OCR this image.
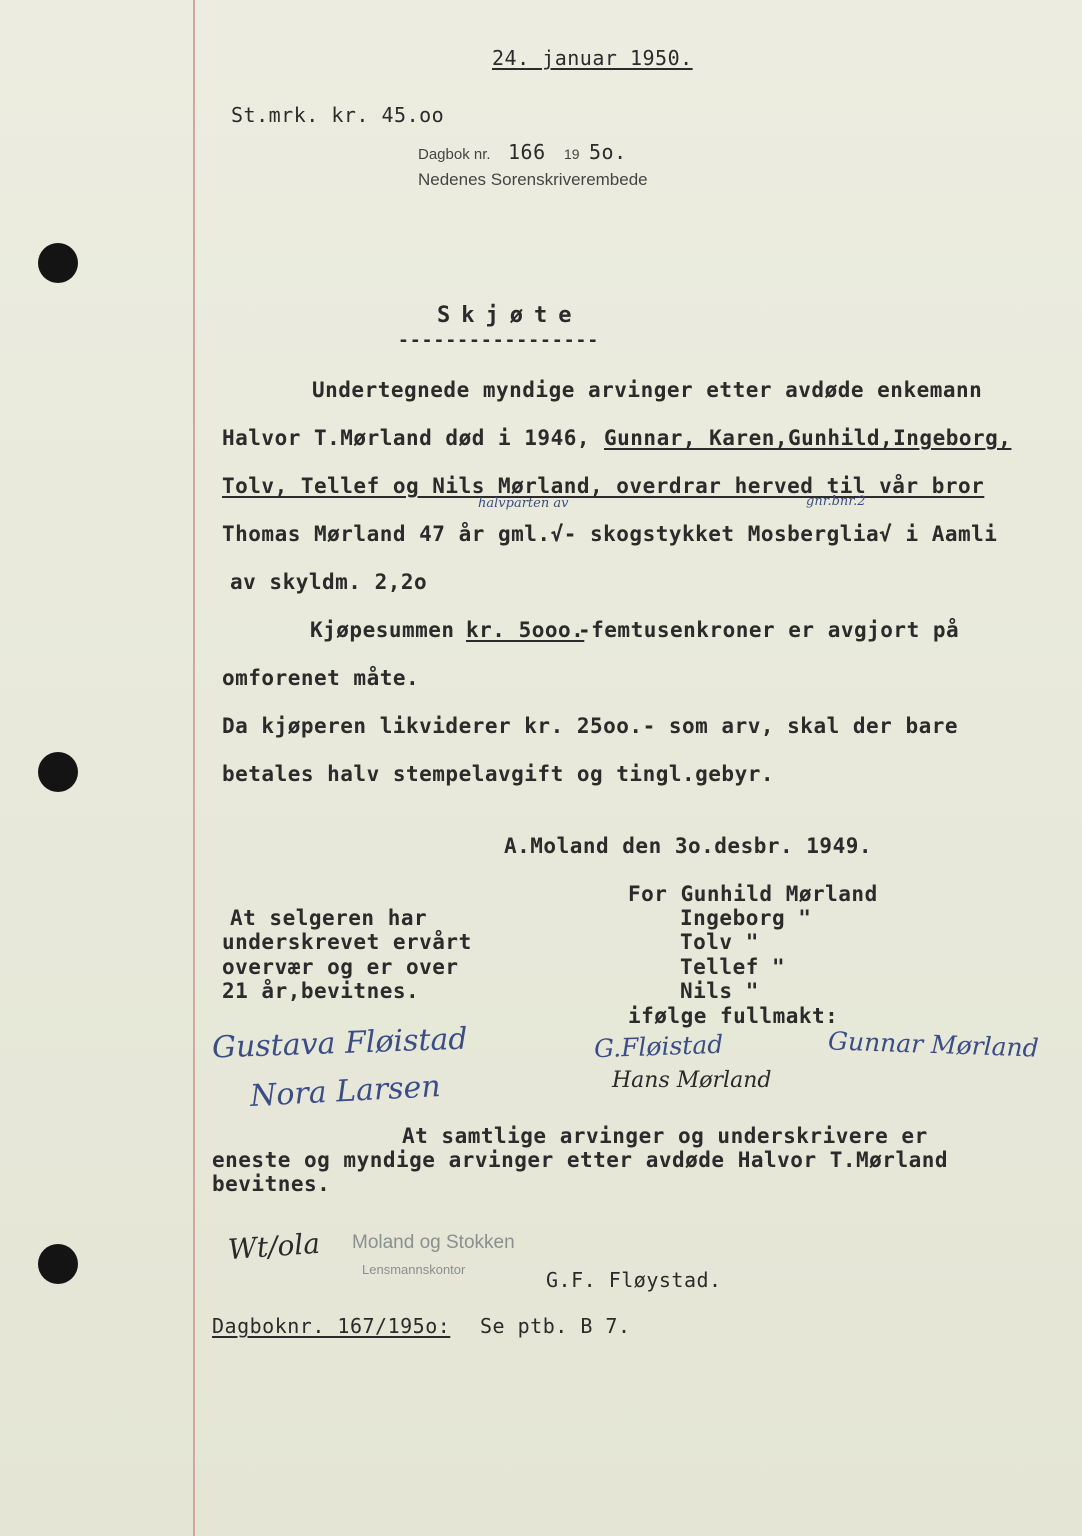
24. januar 1950.
St.mrk. kr. 45.oo
Dagbok nr. 166 19 5o.
Nedenes Sorenskriverembede
Skjøte
-----------------
Undertegnede myndige arvinger etter avdøde enkemann
Halvor T.Mørland død i 1946, Gunnar, Karen,Gunhild,Ingeborg,
Tolv, Tellef og Nils Mørland, overdrar herved til vår bror
halvparten av	gnr.bnr.2
Thomas Mørland 47 år gml.√- skogstykket Mosberglia√ i Aamli
av skyldm. 2,2o
Kjøpesummen kr. 5ooo.
-femtusenkroner er avgjort på
omforenet måte.
Da kjøperen likviderer kr. 25oo.- som arv, skal der bare
betales halv stempelavgift og tingl.gebyr.
A.Moland den 3o.desbr. 1949.
For Gunhild Mørland
Ingeborg "
Tolv "
Tellef "
Nils "
ifølge fullmakt:
At selgeren har
underskrevet ervårt
overvær og er over
21 år,bevitnes.
Gustava Fløistad
Nora Larsen
G.Fløistad	Gunnar Mørland
Hans Mørland
At samtlige arvinger og underskrivere er
eneste og myndige arvinger etter avdøde Halvor T.Mørland
bevitnes.
Wt/ola Moland og Stokken
Lensmannskontor	G.F. Fløystad.
Dagboknr. 167/195o: Se ptb. B 7.
